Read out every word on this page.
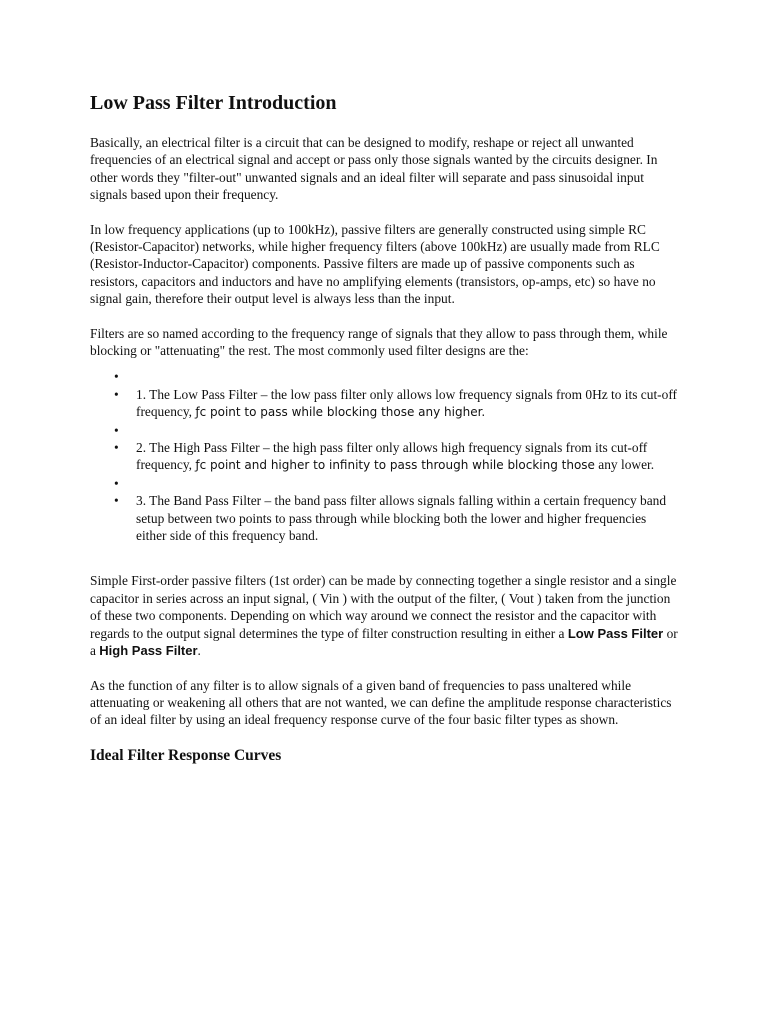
Low Pass Filter Introduction

Basically, an electrical filter is a circuit that can be designed to modify, reshape or reject all unwanted frequencies of an electrical signal and accept or pass only those signals wanted by the circuits designer. In other words they "filter-out" unwanted signals and an ideal filter will separate and pass sinusoidal input signals based upon their frequency.

In low frequency applications (up to 100kHz), passive filters are generally constructed using simple RC (Resistor-Capacitor) networks, while higher frequency filters (above 100kHz) are usually made from RLC (Resistor-Inductor-Capacitor) components. Passive filters are made up of passive components such as resistors, capacitors and inductors and have no amplifying elements (transistors, op-amps, etc) so have no signal gain, therefore their output level is always less than the input.

Filters are so named according to the frequency range of signals that they allow to pass through them, while blocking or "attenuating" the rest. The most commonly used filter designs are the:

•
• 1. The Low Pass Filter – the low pass filter only allows low frequency signals from 0Hz to its cut-off frequency, ƒc point to pass while blocking those any higher.
•
• 2. The High Pass Filter – the high pass filter only allows high frequency signals from its cut-off frequency, ƒc point and higher to infinity to pass through while blocking those any lower.
•
• 3. The Band Pass Filter – the band pass filter allows signals falling within a certain frequency band setup between two points to pass through while blocking both the lower and higher frequencies either side of this frequency band.

Simple First-order passive filters (1st order) can be made by connecting together a single resistor and a single capacitor in series across an input signal, ( Vin ) with the output of the filter, ( Vout ) taken from the junction of these two components. Depending on which way around we connect the resistor and the capacitor with regards to the output signal determines the type of filter construction resulting in either a Low Pass Filter or a High Pass Filter.

As the function of any filter is to allow signals of a given band of frequencies to pass unaltered while attenuating or weakening all others that are not wanted, we can define the amplitude response characteristics of an ideal filter by using an ideal frequency response curve of the four basic filter types as shown.

Ideal Filter Response Curves
